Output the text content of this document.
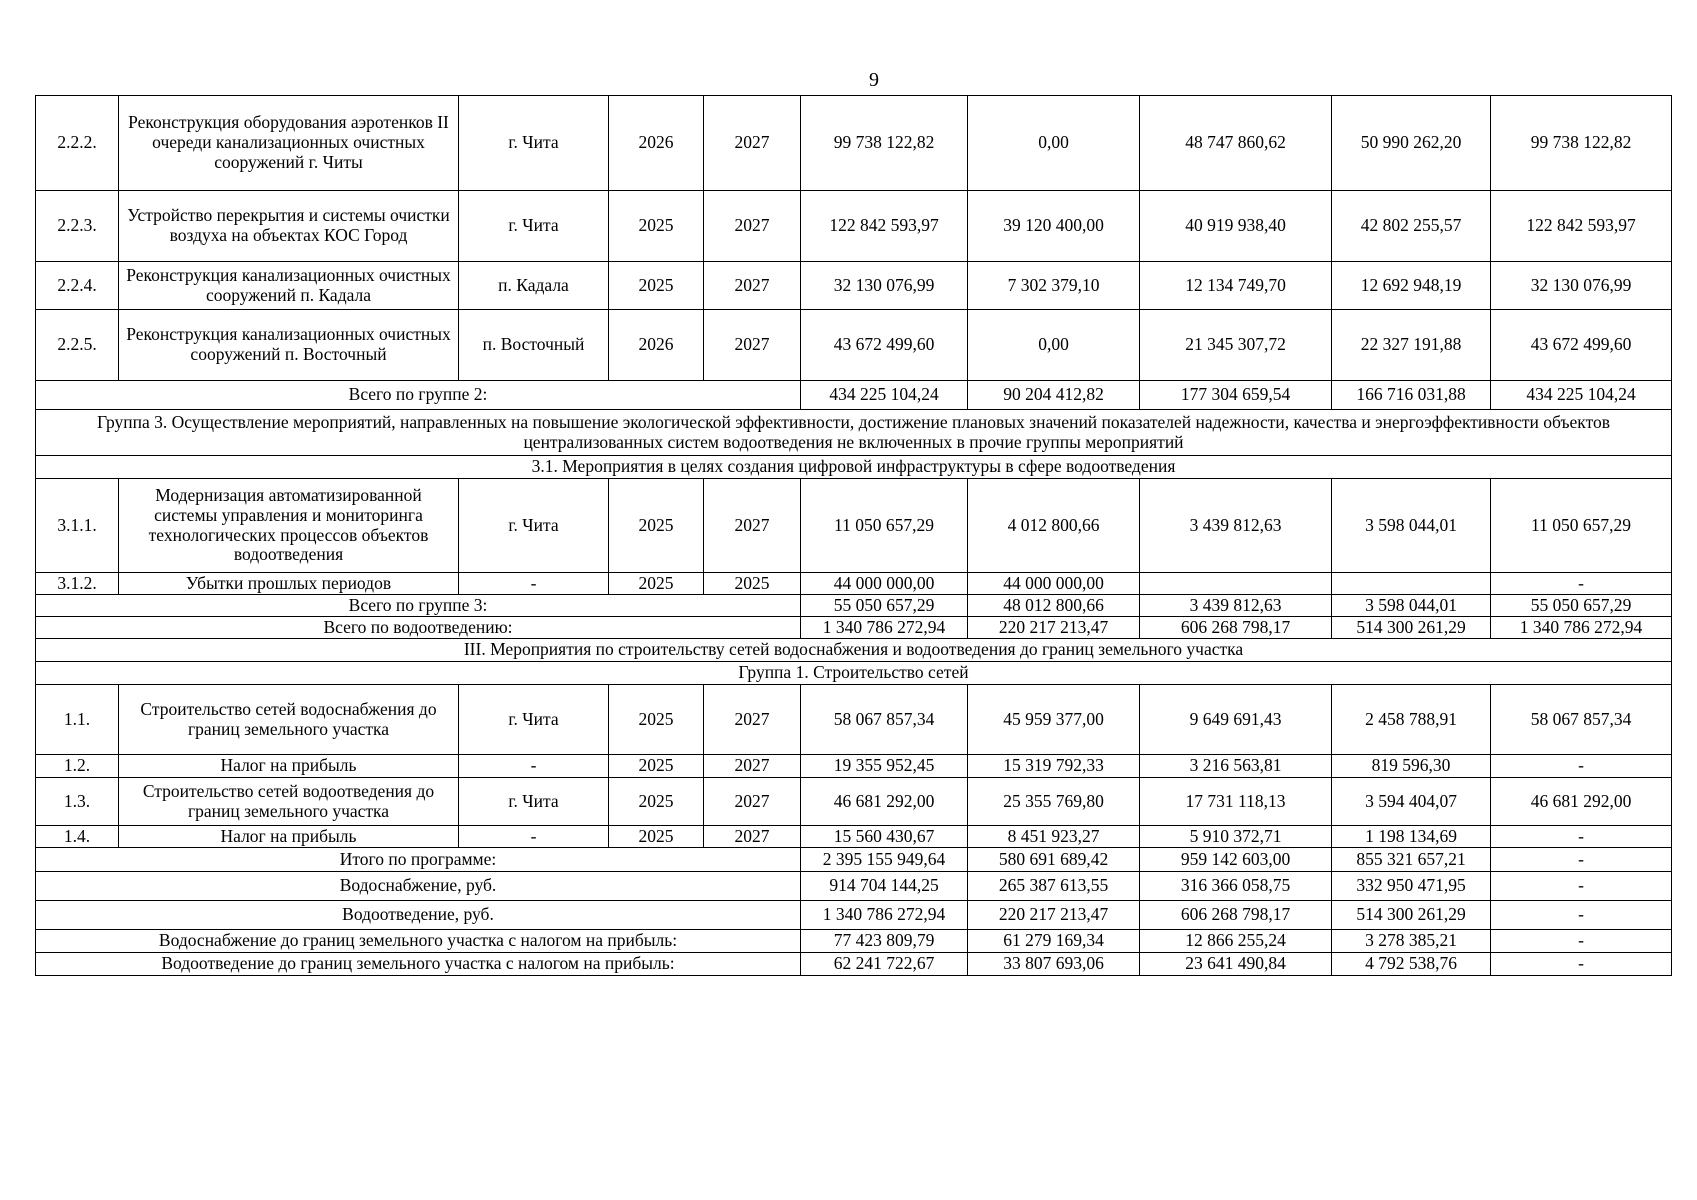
9
2.2.2.	Реконструкция оборудования аэротенков II очереди канализационных очистных сооружений г. Читы	г. Чита	2026	2027	99 738 122,82	0,00	48 747 860,62	50 990 262,20	99 738 122,82
2.2.3.	Устройство перекрытия и системы очистки воздуха на объектах КОС Город	г. Чита	2025	2027	122 842 593,97	39 120 400,00	40 919 938,40	42 802 255,57	122 842 593,97
2.2.4.	Реконструкция канализационных очистных сооружений п. Кадала	п. Кадала	2025	2027	32 130 076,99	7 302 379,10	12 134 749,70	12 692 948,19	32 130 076,99
2.2.5.	Реконструкция канализационных очистных сооружений п. Восточный	п. Восточный	2026	2027	43 672 499,60	0,00	21 345 307,72	22 327 191,88	43 672 499,60
Всего по группе 2:					434 225 104,24	90 204 412,82	177 304 659,54	166 716 031,88	434 225 104,24
Группа 3. Осуществление мероприятий, направленных на повышение экологической эффективности, достижение плановых значений показателей надежности, качества и энергоэффективности объектов централизованных систем водоотведения не включенных в прочие группы мероприятий									
3.1. Мероприятия в целях создания цифровой инфраструктуры в сфере водоотведения									
3.1.1.	Модернизация автоматизированной системы управления и мониторинга технологических процессов объектов водоотведения	г. Чита	2025	2027	11 050 657,29	4 012 800,66	3 439 812,63	3 598 044,01	11 050 657,29
3.1.2.	Убытки прошлых периодов	-	2025	2025	44 000 000,00	44 000 000,00			-
Всего по группе 3:					55 050 657,29	48 012 800,66	3 439 812,63	3 598 044,01	55 050 657,29
Всего по водоотведению:					1 340 786 272,94	220 217 213,47	606 268 798,17	514 300 261,29	1 340 786 272,94
III. Мероприятия по строительству сетей водоснабжения и водоотведения до границ земельного участка									
Группа 1. Строительство сетей									
1.1.	Строительство сетей водоснабжения до границ земельного участка	г. Чита	2025	2027	58 067 857,34	45 959 377,00	9 649 691,43	2 458 788,91	58 067 857,34
1.2.	Налог на прибыль	-	2025	2027	19 355 952,45	15 319 792,33	3 216 563,81	819 596,30	-
1.3.	Строительство сетей водоотведения до границ земельного участка	г. Чита	2025	2027	46 681 292,00	25 355 769,80	17 731 118,13	3 594 404,07	46 681 292,00
1.4.	Налог на прибыль	-	2025	2027	15 560 430,67	8 451 923,27	5 910 372,71	1 198 134,69	-
Итого по программе:					2 395 155 949,64	580 691 689,42	959 142 603,00	855 321 657,21	-
Водоснабжение, руб.					914 704 144,25	265 387 613,55	316 366 058,75	332 950 471,95	-
Водоотведение, руб.					1 340 786 272,94	220 217 213,47	606 268 798,17	514 300 261,29	-
Водоснабжение до границ земельного участка с налогом на прибыль:					77 423 809,79	61 279 169,34	12 866 255,24	3 278 385,21	-
Водоотведение до границ земельного участка с налогом на прибыль:					62 241 722,67	33 807 693,06	23 641 490,84	4 792 538,76	-
